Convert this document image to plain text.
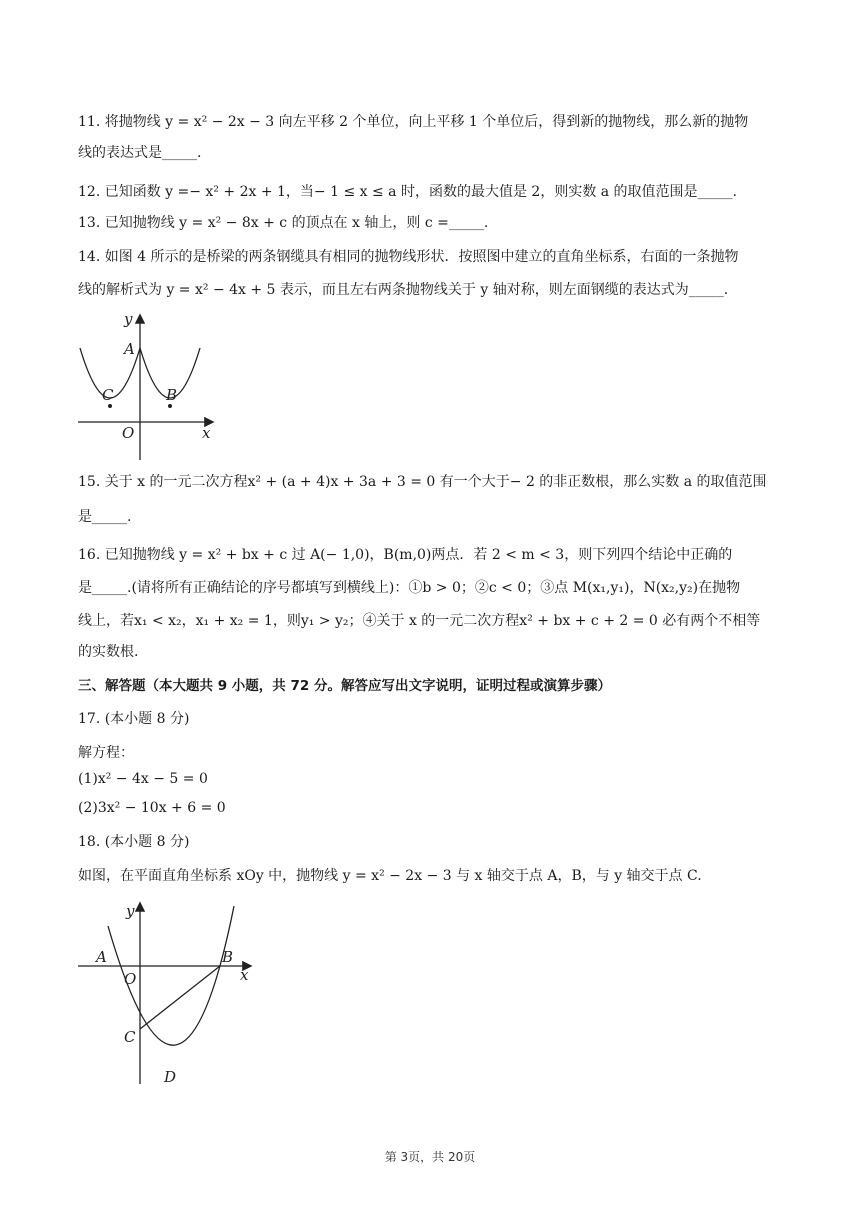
11. 将抛物线 y = x² − 2x − 3 向左平移 2 个单位，向上平移 1 个单位后，得到新的抛物线，那么新的抛物
线的表达式是_____.
12. 已知函数 y =− x² + 2x + 1，当− 1 ≤ x ≤ a 时，函数的最大值是 2，则实数 a 的取值范围是_____.
13. 已知抛物线 y = x² − 8x + c 的顶点在 x 轴上，则 c =_____.
14. 如图 4 所示的是桥梁的两条钢缆具有相同的抛物线形状．按照图中建立的直角坐标系，右面的一条抛物
线的解析式为 y = x² − 4x + 5 表示，而且左右两条抛物线关于 y 轴对称，则左面钢缆的表达式为_____.
y
A
B
C
O	x
15. 关于 x 的一元二次方程x² + (a + 4)x + 3a + 3 = 0 有一个大于− 2 的非正数根，那么实数 a 的取值范围
是_____.
16. 已知抛物线 y = x² + bx + c 过 A(− 1,0)，B(m,0)两点．若 2 < m < 3，则下列四个结论中正确的
是_____.(请将所有正确结论的序号都填写到横线上)：①b > 0；②c < 0；③点 M(x₁,y₁)，N(x₂,y₂)在抛物
线上，若x₁ < x₂，x₁ + x₂ = 1，则y₁ > y₂；④关于 x 的一元二次方程x² + bx + c + 2 = 0 必有两个不相等
的实数根.
三、解答题（本大题共 9 小题，共 72 分。解答应写出文字说明，证明过程或演算步骤）
17. (本小题 8 分)
解方程：
(1)x² − 4x − 5 = 0
(2)3x² − 10x + 6 = 0
18. (本小题 8 分)
如图，在平面直角坐标系 xOy 中，抛物线 y = x² − 2x − 3 与 x 轴交于点 A，B，与 y 轴交于点 C.
y
A
O
B
x
C
D
第 3页，共 20页
